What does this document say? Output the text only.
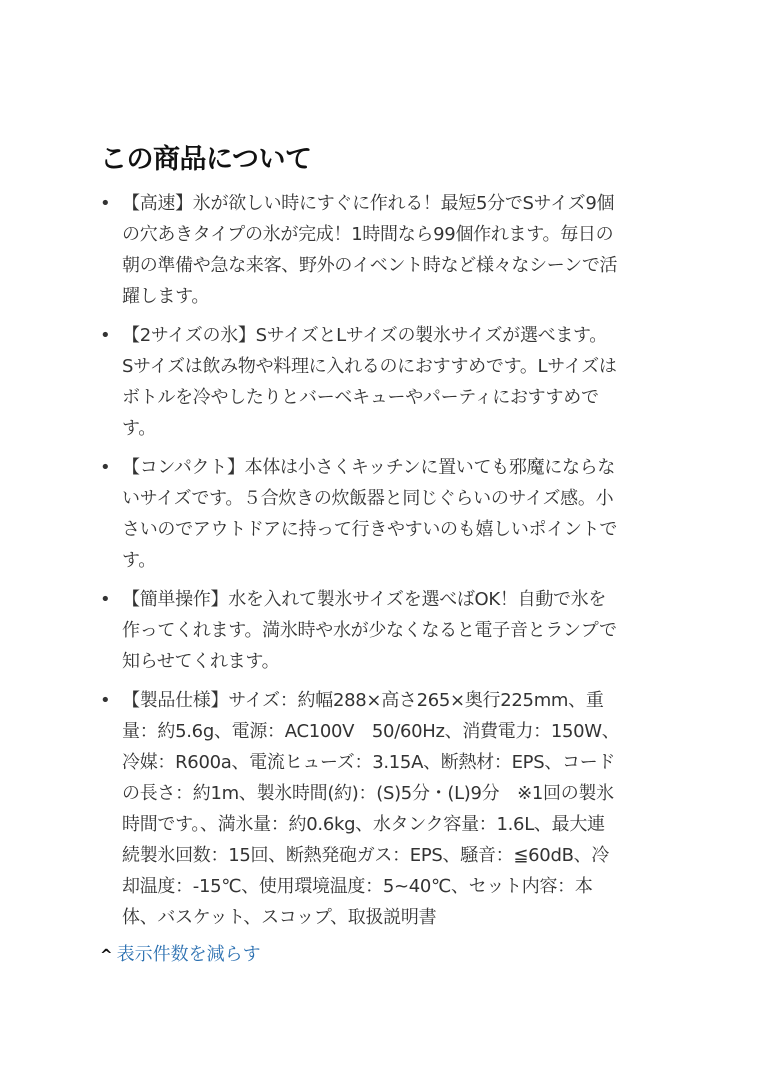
この商品について
• 【高速】氷が欲しい時にすぐに作れる！最短5分でSサイズ9個
の穴あきタイプの氷が完成！1時間なら99個作れます。毎日の
朝の準備や急な来客、野外のイベント時など様々なシーンで活
躍します。
• 【2サイズの氷】SサイズとLサイズの製氷サイズが選べます。
Sサイズは飲み物や料理に入れるのにおすすめです。Lサイズは
ボトルを冷やしたりとバーベキューやパーティにおすすめで
す。
• 【コンパクト】本体は小さくキッチンに置いても邪魔にならな
いサイズです。５合炊きの炊飯器と同じぐらいのサイズ感。小
さいのでアウトドアに持って行きやすいのも嬉しいポイントで
す。
• 【簡単操作】水を入れて製氷サイズを選べばOK！自動で氷を
作ってくれます。満氷時や水が少なくなると電子音とランプで
知らせてくれます。
• 【製品仕様】サイズ：約幅288×高さ265×奥行225mm、重
量：約5.6g、電源：AC100V　50/60Hz、消費電力：150W、
冷媒：R600a、電流ヒューズ：3.15A、断熱材：EPS、コード
の長さ：約1m、製氷時間(約)：(S)5分・(L)9分　※1回の製氷
時間です。、満氷量：約0.6kg、水タンク容量：1.6L、最大連
続製氷回数：15回、断熱発砲ガス：EPS、騒音：≦60dB、冷
却温度：-15℃、使用環境温度：5~40℃、セット内容：本
体、バスケット、スコップ、取扱説明書
^ 表示件数を減らす
